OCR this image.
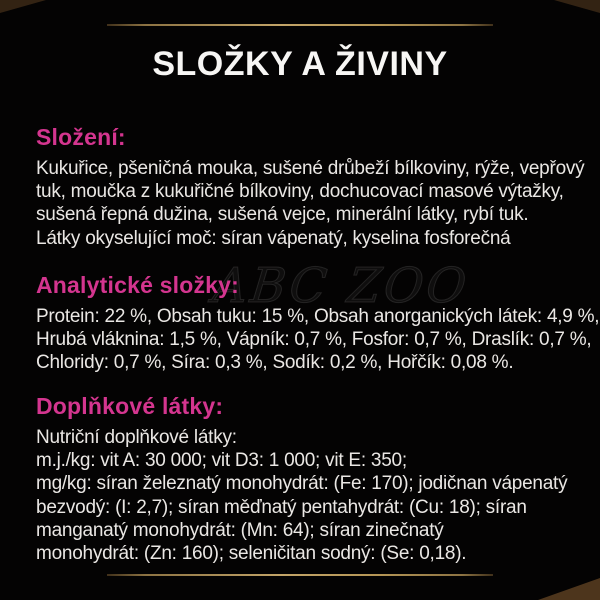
SLOŽKY A ŽIVINY
ABC ZOO
Složení:
Kukuřice, pšeničná mouka, sušené drůbeží bílkoviny, rýže, vepřový
tuk, moučka z kukuřičné bílkoviny, dochucovací masové výtažky,
sušená řepná dužina, sušená vejce, minerální látky, rybí tuk.
Látky okyselující moč: síran vápenatý, kyselina fosforečná
Analytické složky:
Protein: 22 %, Obsah tuku: 15 %, Obsah anorganických látek: 4,9 %,
Hrubá vláknina: 1,5 %, Vápník: 0,7 %, Fosfor: 0,7 %, Draslík: 0,7 %,
Chloridy: 0,7 %, Síra: 0,3 %, Sodík: 0,2 %, Hořčík: 0,08 %.
Doplňkové látky:
Nutriční doplňkové látky:
m.j./kg: vit A: 30 000; vit D3: 1 000; vit E: 350;
mg/kg: síran železnatý monohydrát: (Fe: 170); jodičnan vápenatý
bezvodý: (I: 2,7); síran měďnatý pentahydrát: (Cu: 18); síran
manganatý monohydrát: (Mn: 64); síran zinečnatý
monohydrát: (Zn: 160); seleničitan sodný: (Se: 0,18).
